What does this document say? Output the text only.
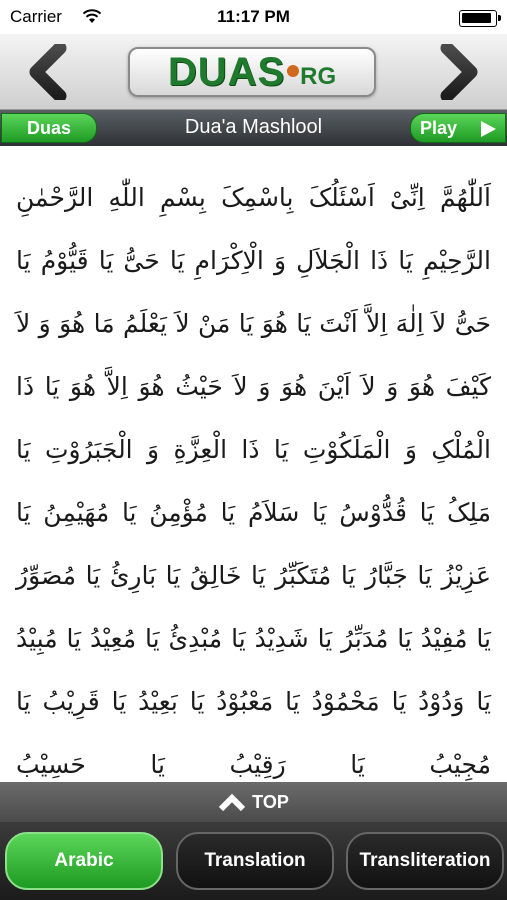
Carrier	11:17 PM
DUAS RG
Duas	Dua'a Mashlool	Play
اَللّٰهُمَّ اِنِّیْ اَسْئَلُکَ بِاسْمِکَ بِسْمِ اللّٰهِ الرَّحْمٰنِ الرَّحِیْمِ یَا ذَا الْجَلاَلِ وَ الْاِکْرَامِ یَا حَیُّ یَا قَیُّوْمُ یَا حَیُّ لاَ اِلٰهَ اِلاَّ اَنْتَ یَا هُوَ یَا مَنْ لاَ یَعْلَمُ مَا هُوَ وَ لاَ کَیْفَ هُوَ وَ لاَ اَیْنَ هُوَ وَ لاَ حَیْثُ هُوَ اِلاَّ هُوَ یَا ذَا الْمُلْکِ وَ الْمَلَکُوْتِ یَا ذَا الْعِزَّةِ وَ الْجَبَرُوْتِ یَا مَلِکُ یَا قُدُّوْسُ یَا سَلاَمُ یَا مُؤْمِنُ یَا مُهَیْمِنُ یَا عَزِیْزُ یَا جَبَّارُ یَا مُتَکَبِّرُ یَا خَالِقُ یَا بَارِئُ یَا مُصَوِّرُ یَا مُفِیْدُ یَا مُدَبِّرُ یَا شَدِیْدُ یَا مُبْدِئُ یَا مُعِیْدُ یَا مُبِیْدُ یَا وَدُوْدُ یَا مَحْمُوْدُ یَا مَعْبُوْدُ یَا بَعِیْدُ یَا قَرِیْبُ یَا مُجِیْبُ یَا رَقِیْبُ یَا حَسِیْبُ
TOP
Arabic	Translation	Transliteration
